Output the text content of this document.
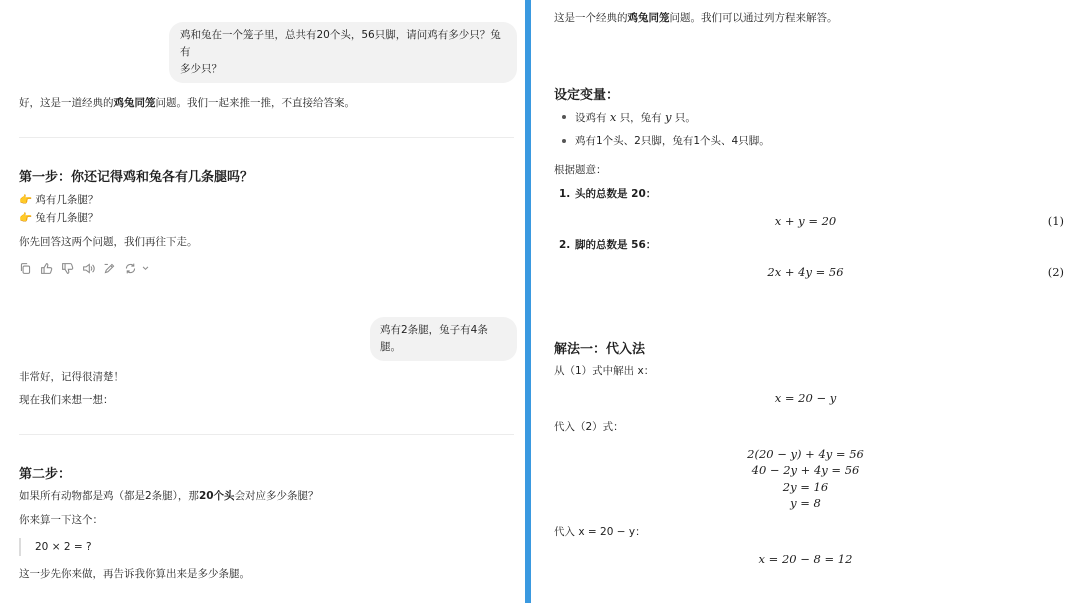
鸡和兔在一个笼子里，总共有20个头，56只脚，请问鸡有多少只？兔有
多少只？
好，这是一道经典的鸡兔同笼问题。我们一起来推一推，不直接给答案。
第一步：你还记得鸡和兔各有几条腿吗？
👉 鸡有几条腿？
👉 兔有几条腿？
你先回答这两个问题，我们再往下走。
鸡有2条腿，兔子有4条腿。
非常好，记得很清楚！
现在我们来想一想：
第二步：
如果所有动物都是鸡（都是2条腿），那20个头会对应多少条腿？
你来算一下这个：
20 × 2 = ?
这一步先你来做，再告诉我你算出来是多少条腿。
这是一个经典的鸡兔同笼问题。我们可以通过列方程来解答。
设定变量：
设鸡有 x 只，兔有 y 只。
鸡有1个头、2只脚，兔有1个头、4只脚。
根据题意：
1. 头的总数是 20：
x + y = 20	(1)
2. 脚的总数是 56：
2x + 4y = 56	(2)
解法一：代入法
从（1）式中解出 x：
x = 20 − y
代入（2）式：
2(20 − y) + 4y = 56
40 − 2y + 4y = 56
2y = 16
y = 8
代入 x = 20 − y：
x = 20 − 8 = 12
